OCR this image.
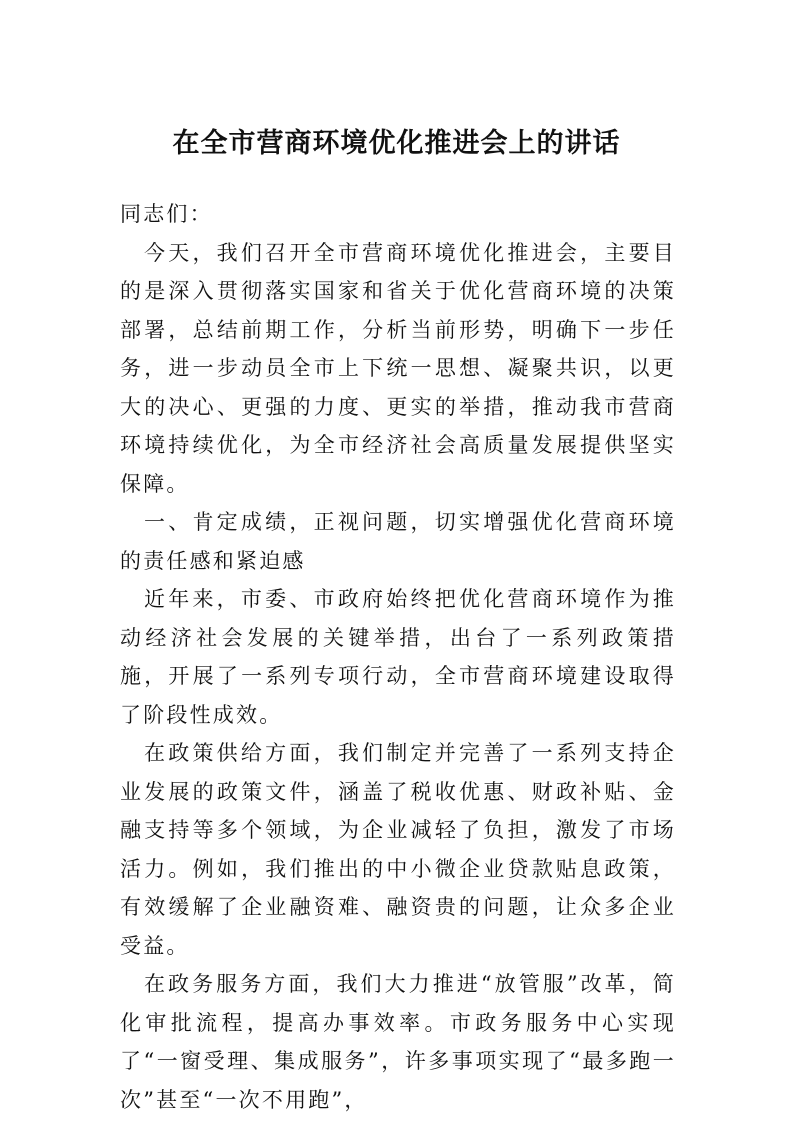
在全市营商环境优化推进会上的讲话

同志们：

今天，我们召开全市营商环境优化推进会，主要目的是深入贯彻落实国家和省关于优化营商环境的决策部署，总结前期工作，分析当前形势，明确下一步任务，进一步动员全市上下统一思想、凝聚共识，以更大的决心、更强的力度、更实的举措，推动我市营商环境持续优化，为全市经济社会高质量发展提供坚实保障。

一、肯定成绩，正视问题，切实增强优化营商环境的责任感和紧迫感

近年来，市委、市政府始终把优化营商环境作为推动经济社会发展的关键举措，出台了一系列政策措施，开展了一系列专项行动，全市营商环境建设取得了阶段性成效。

在政策供给方面，我们制定并完善了一系列支持企业发展的政策文件，涵盖了税收优惠、财政补贴、金融支持等多个领域，为企业减轻了负担，激发了市场活力。例如，我们推出的中小微企业贷款贴息政策，有效缓解了企业融资难、融资贵的问题，让众多企业受益。

在政务服务方面，我们大力推进“放管服”改革，简化审批流程，提高办事效率。市政务服务中心实现了“一窗受理、集成服务”，许多事项实现了“最多跑一次”甚至“一次不用跑”，
